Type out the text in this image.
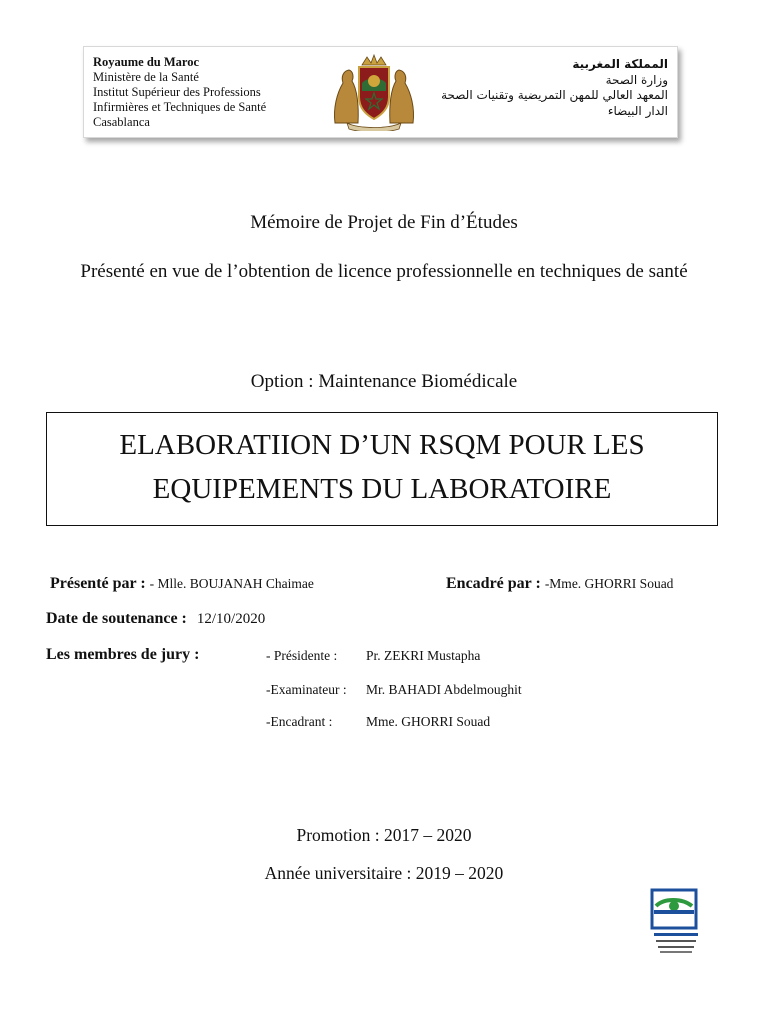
Royaume du Maroc
Ministère de la Santé
Institut Supérieur des Professions
Infirmières et Techniques de Santé
Casablanca
المملكة المغربية
وزارة الصحة
المعهد العالي للمهن التمريضية وتقنيات الصحة
الدار البيضاء
Mémoire de Projet de Fin d’Études
Présenté en vue de l’obtention de licence professionnelle en techniques de santé
Option : Maintenance Biomédicale
ELABORATIION D’UN RSQM POUR LES
EQUIPEMENTS DU LABORATOIRE
Présenté par : - Mlle. BOUJANAH Chaimae	Encadré par : -Mme. GHORRI Souad
Date de soutenance : 12/10/2020
Les membres de jury :	- Présidente : Pr. ZEKRI Mustapha
-Examinateur : Mr. BAHADI Abdelmoughit
-Encadrant : Mme. GHORRI Souad
Promotion : 2017 – 2020
Année universitaire : 2019 – 2020
